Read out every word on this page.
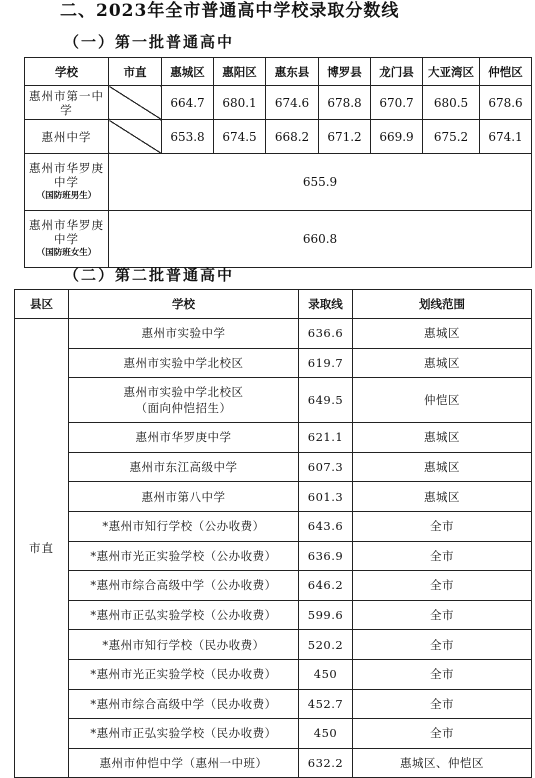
二、2023年全市普通高中学校录取分数线
（一）第一批普通高中
学校	市直	惠城区	惠阳区	惠东县	博罗县	龙门县	大亚湾区	仲恺区
惠州市第一中学		664.7	680.1	674.6	678.8	670.7	680.5	678.6
惠州中学		653.8	674.5	668.2	671.2	669.9	675.2	674.1
惠州市华罗庚中学
（国防班男生）	655.9							
惠州市华罗庚中学
（国防班女生）	660.8							
（二）第二批普通高中
县区	学校	录取线	划线范围
市直	惠州市实验中学	636.6	惠城区
	惠州市实验中学北校区	619.7	惠城区

	惠州市实验中学北校区
（面向仲恺招生）	649.5	仲恺区
	惠州市华罗庚中学	621.1	惠城区
	惠州市东江高级中学	607.3	惠城区
	惠州市第八中学	601.3	惠城区
	*惠州市知行学校（公办收费）	643.6	全市
	*惠州市光正实验学校（公办收费）	636.9	全市
	*惠州市综合高级中学（公办收费）	646.2	全市
	*惠州市正弘实验学校（公办收费）	599.6	全市
	*惠州市知行学校（民办收费）	520.2	全市
	*惠州市光正实验学校（民办收费）	450	全市
	*惠州市综合高级中学（民办收费）	452.7	全市
	*惠州市正弘实验学校（民办收费）	450	全市
	惠州市仲恺中学（惠州一中班）	632.2	惠城区、仲恺区
